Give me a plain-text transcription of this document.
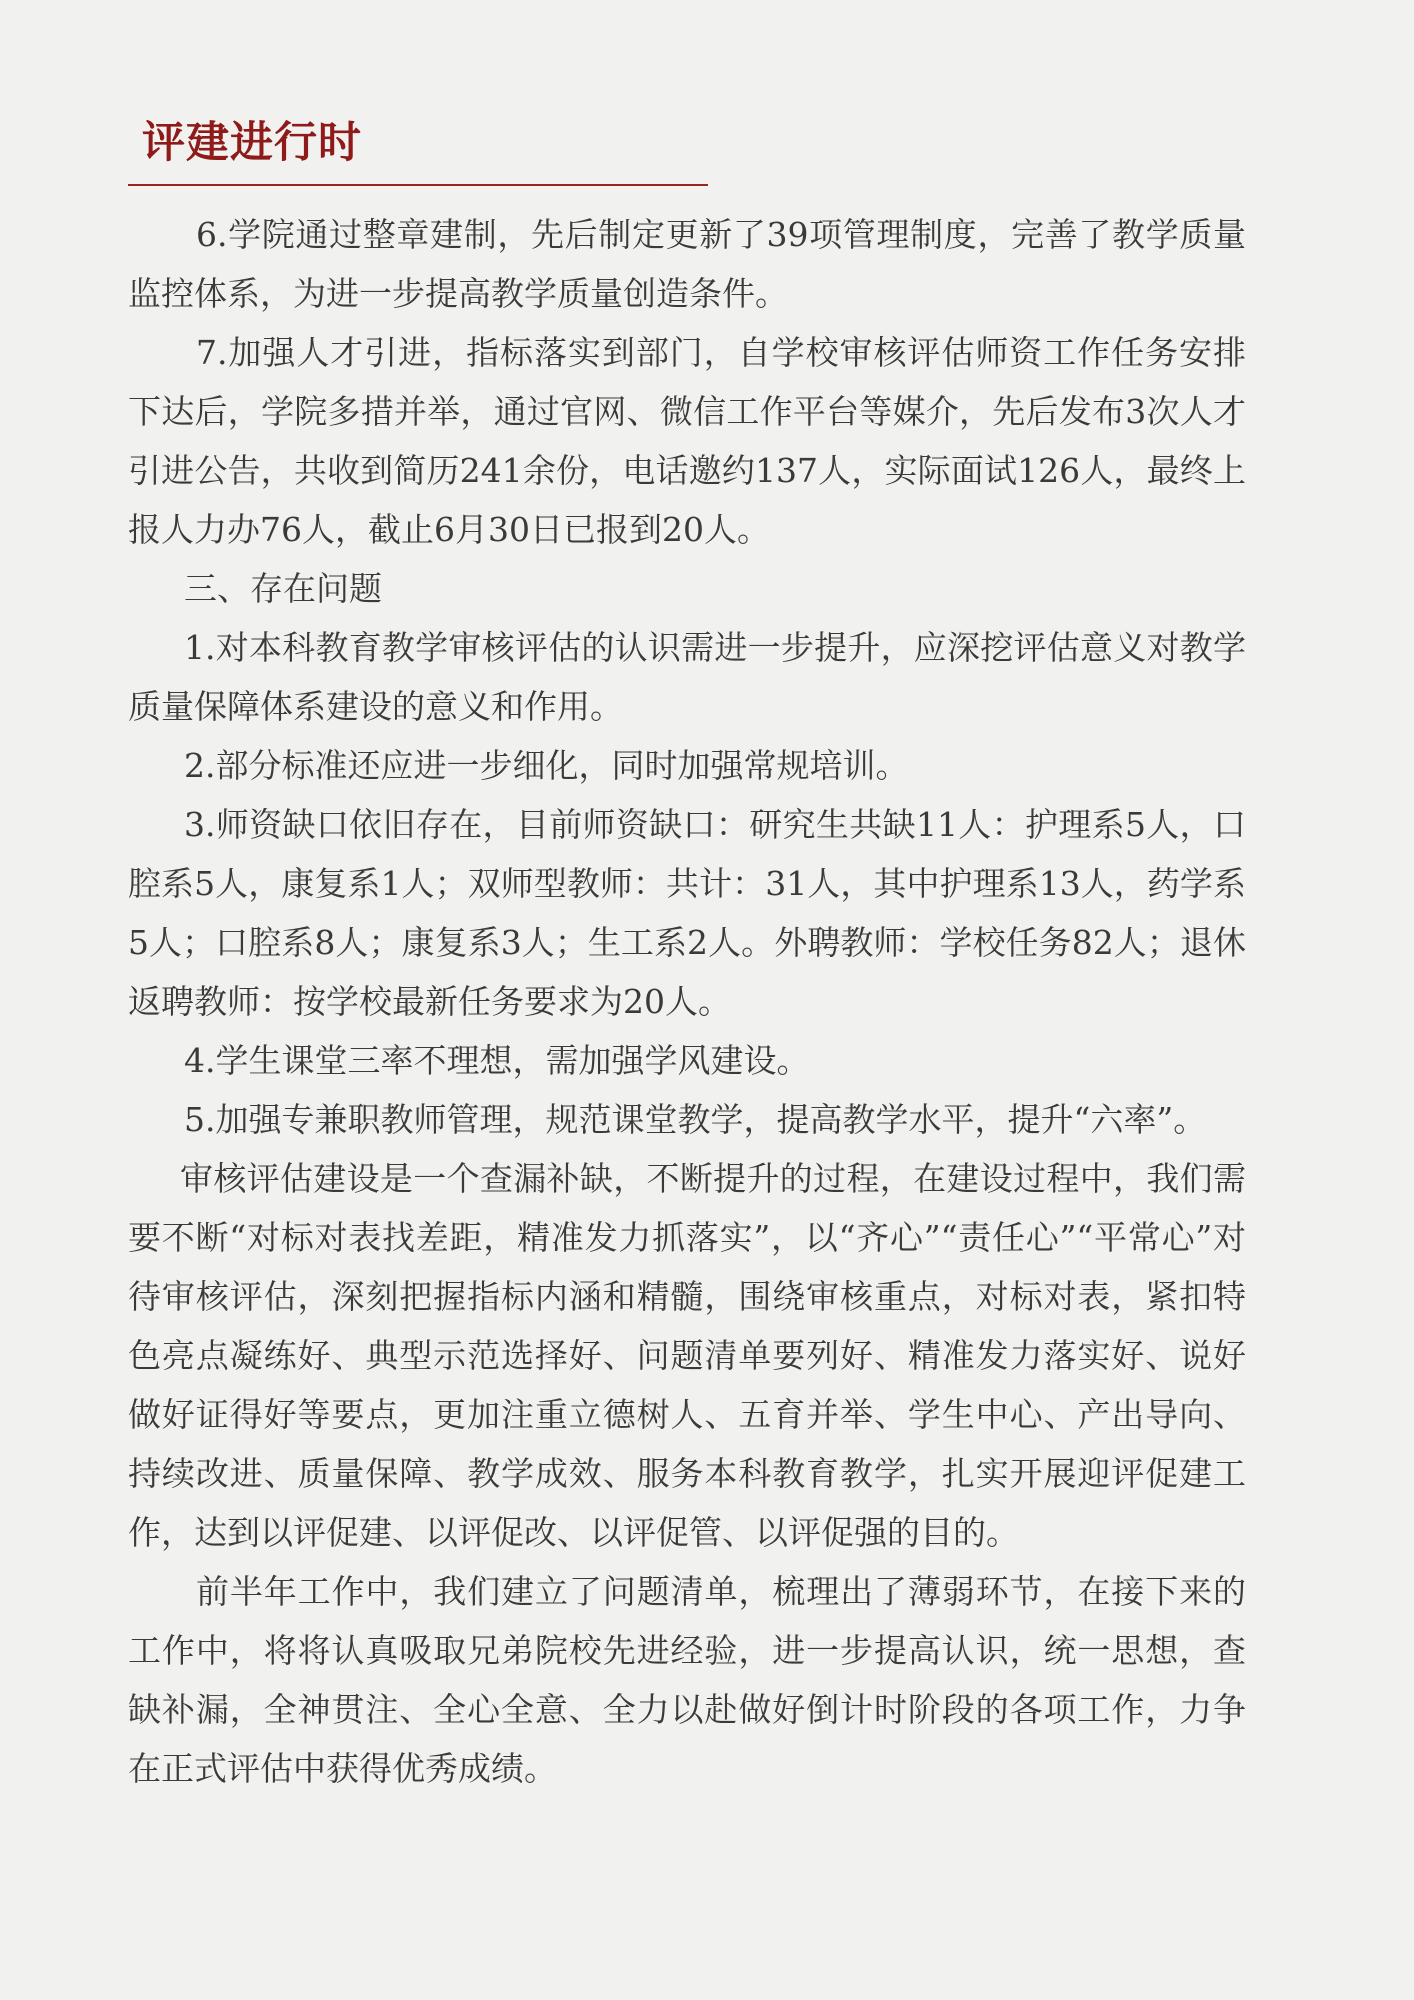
评建进行时

6.学院通过整章建制，先后制定更新了39项管理制度，完善了教学质量监控体系，为进一步提高教学质量创造条件。

7.加强人才引进，指标落实到部门，自学校审核评估师资工作任务安排下达后，学院多措并举，通过官网、微信工作平台等媒介，先后发布3次人才引进公告，共收到简历241余份，电话邀约137人，实际面试126人，最终上报人力办76人，截止6月30日已报到20人。

三、存在问题

1.对本科教育教学审核评估的认识需进一步提升，应深挖评估意义对教学质量保障体系建设的意义和作用。

2.部分标准还应进一步细化，同时加强常规培训。

3.师资缺口依旧存在，目前师资缺口：研究生共缺11人：护理系5人，口腔系5人，康复系1人；双师型教师：共计：31人，其中护理系13人，药学系5人；口腔系8人；康复系3人；生工系2人。外聘教师：学校任务82人；退休返聘教师：按学校最新任务要求为20人。

4.学生课堂三率不理想，需加强学风建设。

5.加强专兼职教师管理，规范课堂教学，提高教学水平，提升“六率”。

审核评估建设是一个查漏补缺，不断提升的过程，在建设过程中，我们需要不断“对标对表找差距，精准发力抓落实”，以“齐心”“责任心”“平常心”对待审核评估，深刻把握指标内涵和精髓，围绕审核重点，对标对表，紧扣特色亮点凝练好、典型示范选择好、问题清单要列好、精准发力落实好、说好做好证得好等要点，更加注重立德树人、五育并举、学生中心、产出导向、持续改进、质量保障、教学成效、服务本科教育教学，扎实开展迎评促建工作，达到以评促建、以评促改、以评促管、以评促强的目的。

前半年工作中，我们建立了问题清单，梳理出了薄弱环节，在接下来的工作中，将将认真吸取兄弟院校先进经验，进一步提高认识，统一思想，查缺补漏，全神贯注、全心全意、全力以赴做好倒计时阶段的各项工作，力争在正式评估中获得优秀成绩。
